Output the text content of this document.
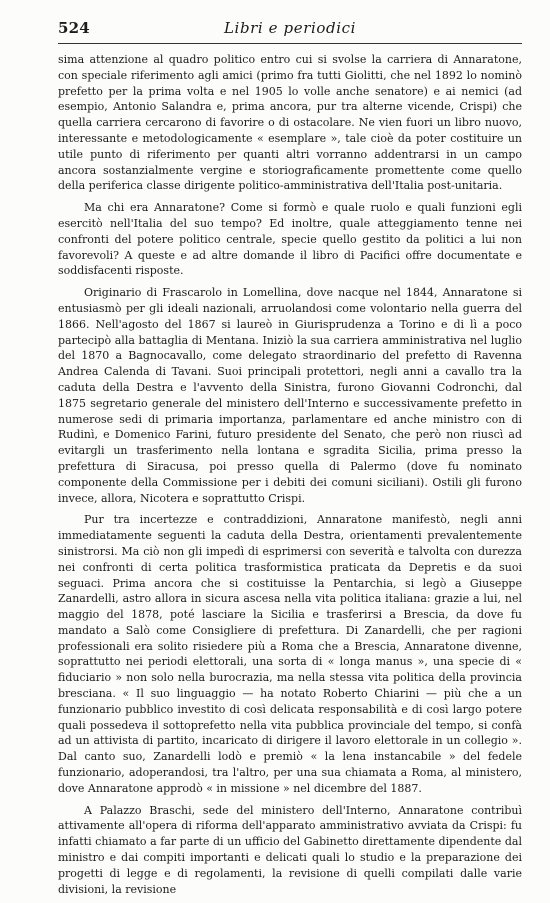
524	Libri e periodici

sima attenzione al quadro politico entro cui si svolse la carriera di Annaratone, con speciale riferimento agli amici (primo fra tutti Giolitti, che nel 1892 lo nominò prefetto per la prima volta e nel 1905 lo volle anche senatore) e ai nemici (ad esempio, Antonio Salandra e, prima ancora, pur tra alterne vicende, Crispi) che quella carriera cercarono di favorire o di ostacolare. Ne vien fuori un libro nuovo, interessante e metodologicamente « esemplare », tale cioè da poter costituire un utile punto di riferimento per quanti altri vorranno addentrarsi in un campo ancora sostanzialmente vergine e storiograficamente promettente come quello della periferica classe dirigente politico-amministrativa dell'Italia post-unitaria.

Ma chi era Annaratone? Come si formò e quale ruolo e quali funzioni egli esercitò nell'Italia del suo tempo? Ed inoltre, quale atteggiamento tenne nei confronti del potere politico centrale, specie quello gestito da politici a lui non favorevoli? A queste e ad altre domande il libro di Pacifici offre documentate e soddisfacenti risposte.

Originario di Frascarolo in Lomellina, dove nacque nel 1844, Annaratone si entusiasmò per gli ideali nazionali, arruolandosi come volontario nella guerra del 1866. Nell'agosto del 1867 si laureò in Giurisprudenza a Torino e di lì a poco partecipò alla battaglia di Mentana. Iniziò la sua carriera amministrativa nel luglio del 1870 a Bagnocavallo, come delegato straordinario del prefetto di Ravenna Andrea Calenda di Tavani. Suoi principali protettori, negli anni a cavallo tra la caduta della Destra e l'avvento della Sinistra, furono Giovanni Codronchi, dal 1875 segretario generale del ministero dell'Interno e successivamente prefetto in numerose sedi di primaria importanza, parlamentare ed anche ministro con di Rudinì, e Domenico Farini, futuro presidente del Senato, che però non riuscì ad evitargli un trasferimento nella lontana e sgradita Sicilia, prima presso la prefettura di Siracusa, poi presso quella di Palermo (dove fu nominato componente della Commissione per i debiti dei comuni siciliani). Ostili gli furono invece, allora, Nicotera e soprattutto Crispi.

Pur tra incertezze e contraddizioni, Annaratone manifestò, negli anni immediatamente seguenti la caduta della Destra, orientamenti prevalentemente sinistrorsi. Ma ciò non gli impedì di esprimersi con severità e talvolta con durezza nei confronti di certa politica trasformistica praticata da Depretis e da suoi seguaci. Prima ancora che si costituisse la Pentarchia, si legò a Giuseppe Zanardelli, astro allora in sicura ascesa nella vita politica italiana: grazie a lui, nel maggio del 1878, poté lasciare la Sicilia e trasferirsi a Brescia, da dove fu mandato a Salò come Consigliere di prefettura. Di Zanardelli, che per ragioni professionali era solito risiedere più a Roma che a Brescia, Annaratone divenne, soprattutto nei periodi elettorali, una sorta di « longa manus », una specie di « fiduciario » non solo nella burocrazia, ma nella stessa vita politica della provincia bresciana. « Il suo linguaggio — ha notato Roberto Chiarini — più che a un funzionario pubblico investito di così delicata responsabilità e di così largo potere quali possedeva il sottoprefetto nella vita pubblica provinciale del tempo, si confà ad un attivista di partito, incaricato di dirigere il lavoro elettorale in un collegio ». Dal canto suo, Zanardelli lodò e premiò « la lena instancabile » del fedele funzionario, adoperandosi, tra l'altro, per una sua chiamata a Roma, al ministero, dove Annaratone approdò « in missione » nel dicembre del 1887.

A Palazzo Braschi, sede del ministero dell'Interno, Annaratone contribuì attivamente all'opera di riforma dell'apparato amministrativo avviata da Crispi: fu infatti chiamato a far parte di un ufficio del Gabinetto direttamente dipendente dal ministro e dai compiti importanti e delicati quali lo studio e la preparazione dei progetti di legge e di regolamenti, la revisione di quelli compilati dalle varie divisioni, la revisione
